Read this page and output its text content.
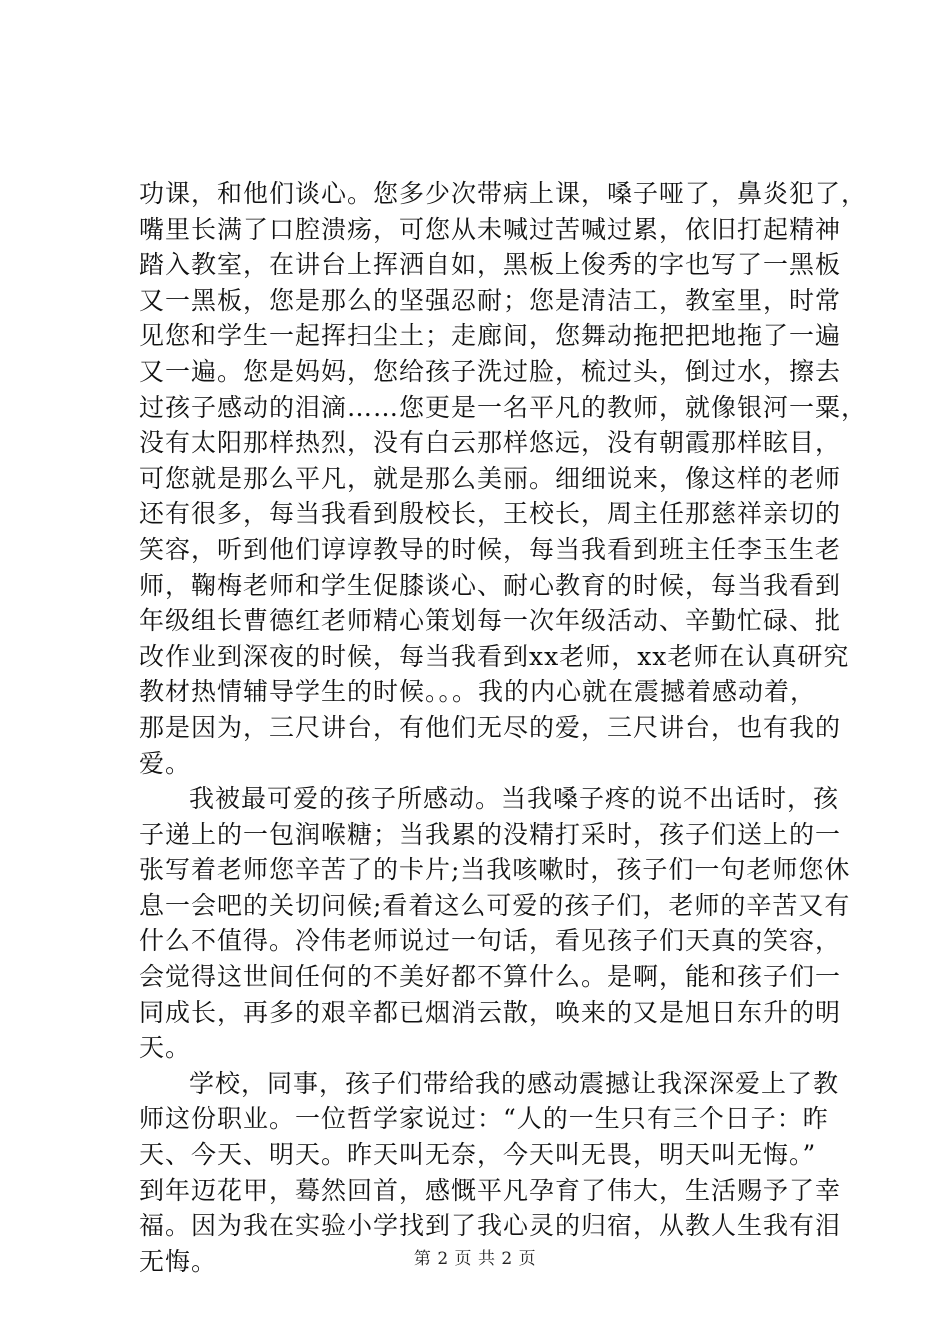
功课，和他们谈心。您多少次带病上课，嗓子哑了，鼻炎犯了，
嘴里长满了口腔溃疡，可您从未喊过苦喊过累，依旧打起精神
踏入教室，在讲台上挥洒自如，黑板上俊秀的字也写了一黑板
又一黑板，您是那么的坚强忍耐；您是清洁工，教室里，时常
见您和学生一起挥扫尘土；走廊间，您舞动拖把把地拖了一遍
又一遍。您是妈妈，您给孩子洗过脸，梳过头，倒过水，擦去
过孩子感动的泪滴……您更是一名平凡的教师，就像银河一粟，
没有太阳那样热烈，没有白云那样悠远，没有朝霞那样眩目，
可您就是那么平凡，就是那么美丽。细细说来，像这样的老师
还有很多，每当我看到殷校长，王校长，周主任那慈祥亲切的
笑容，听到他们谆谆教导的时候，每当我看到班主任李玉生老
师，鞠梅老师和学生促膝谈心、耐心教育的时候，每当我看到
年级组长曹德红老师精心策划每一次年级活动、辛勤忙碌、批
改作业到深夜的时候，每当我看到xx老师，xx老师在认真研究
教材热情辅导学生的时候。。。我的内心就在震撼着感动着，
那是因为，三尺讲台，有他们无尽的爱，三尺讲台，也有我的
爱。
我被最可爱的孩子所感动。当我嗓子疼的说不出话时，孩
子递上的一包润喉糖；当我累的没精打采时，孩子们送上的一
张写着老师您辛苦了的卡片;当我咳嗽时，孩子们一句老师您休
息一会吧的关切问候;看着这么可爱的孩子们，老师的辛苦又有
什么不值得。冷伟老师说过一句话，看见孩子们天真的笑容，
会觉得这世间任何的不美好都不算什么。是啊，能和孩子们一
同成长，再多的艰辛都已烟消云散，唤来的又是旭日东升的明
天。
学校，同事，孩子们带给我的感动震撼让我深深爱上了教
师这份职业。一位哲学家说过：“人的一生只有三个日子：昨
天、今天、明天。昨天叫无奈，今天叫无畏，明天叫无悔。”
到年迈花甲，蓦然回首，感慨平凡孕育了伟大，生活赐予了幸
福。因为我在实验小学找到了我心灵的归宿，从教人生我有泪
无悔。	第 2 页 共 2 页
